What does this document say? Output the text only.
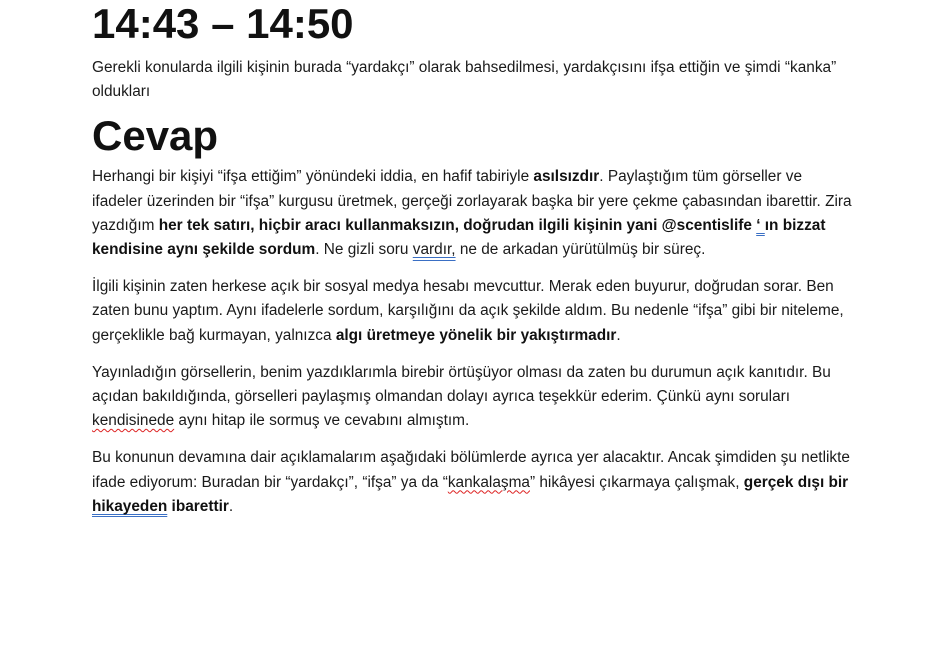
14:43 – 14:50

Gerekli konularda ilgili kişinin burada “yardakçı” olarak bahsedilmesi, yardakçısını ifşa ettiğin ve şimdi “kanka” oldukları

Cevap

Herhangi bir kişiyi “ifşa ettiğim” yönündeki iddia, en hafif tabiriyle asılsızdır. Paylaştığım tüm görseller ve ifadeler üzerinden bir “ifşa” kurgusu üretmek, gerçeği zorlayarak başka bir yere çekme çabasından ibarettir. Zira yazdığım her tek satırı, hiçbir aracı kullanmaksızın, doğrudan ilgili kişinin yani @scentislife ‘ ın bizzat kendisine aynı şekilde sordum. Ne gizli soru vardır, ne de arkadan yürütülmüş bir süreç.

İlgili kişinin zaten herkese açık bir sosyal medya hesabı mevcuttur. Merak eden buyurur, doğrudan sorar. Ben zaten bunu yaptım. Aynı ifadelerle sordum, karşılığını da açık şekilde aldım. Bu nedenle “ifşa” gibi bir niteleme, gerçeklikle bağ kurmayan, yalnızca algı üretmeye yönelik bir yakıştırmadır.

Yayınladığın görsellerin, benim yazdıklarımla birebir örtüşüyor olması da zaten bu durumun açık kanıtıdır. Bu açıdan bakıldığında, görselleri paylaşmış olmandan dolayı ayrıca teşekkür ederim. Çünkü aynı soruları kendisinede aynı hitap ile sormuş ve cevabını almıştım.

Bu konunun devamına dair açıklamalarım aşağıdaki bölümlerde ayrıca yer alacaktır. Ancak şimdiden şu netlikte ifade ediyorum: Buradan bir “yardakçı”, “ifşa” ya da “kankalaşma” hikâyesi çıkarmaya çalışmak, gerçek dışı bir hikayeden ibarettir.
